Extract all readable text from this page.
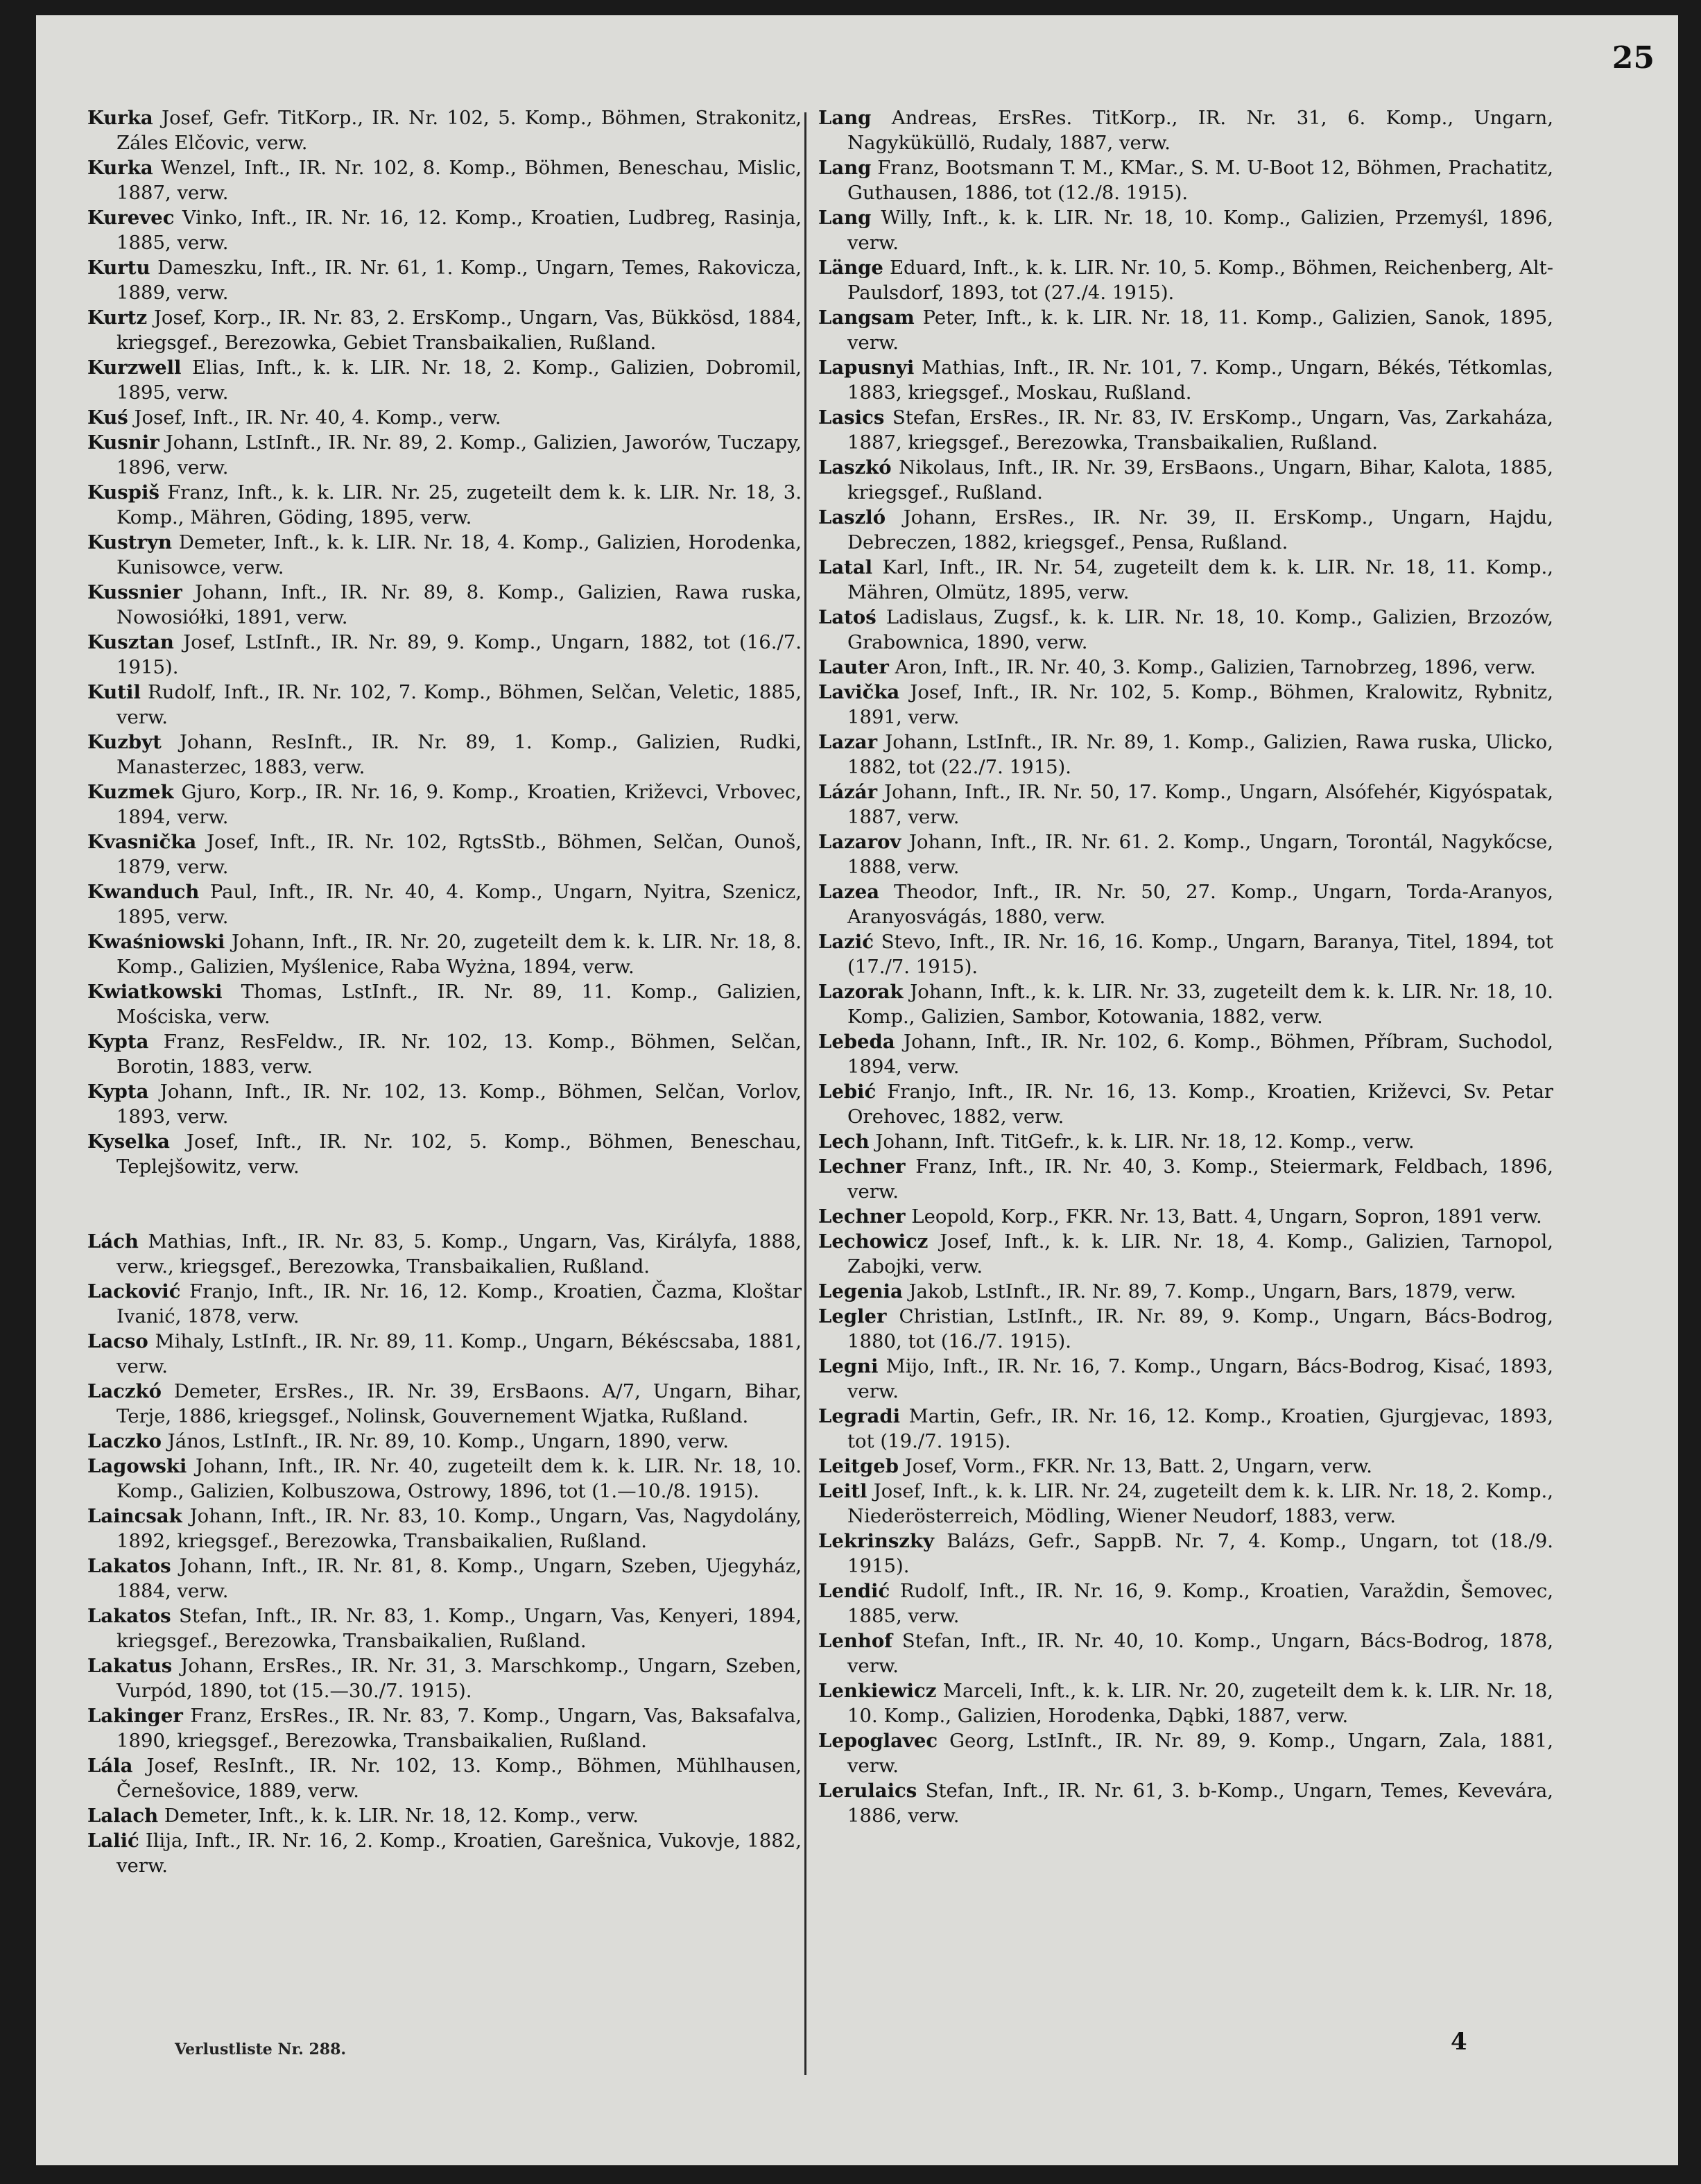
25
Kurka Josef, Gefr. TitKorp., IR. Nr. 102, 5. Komp., Böhmen, Strakonitz, Záles Elčovic, verw.
Kurka Wenzel, Inft., IR. Nr. 102, 8. Komp., Böhmen, Beneschau, Mislic, 1887, verw.
Kurevec Vinko, Inft., IR. Nr. 16, 12. Komp., Kroatien, Ludbreg, Rasinja, 1885, verw.
Kurtu Dameszku, Inft., IR. Nr. 61, 1. Komp., Ungarn, Temes, Rakovicza, 1889, verw.
Kurtz Josef, Korp., IR. Nr. 83, 2. ErsKomp., Ungarn, Vas, Bükkösd, 1884, kriegsgef., Berezowka, Gebiet Transbaikalien, Rußland.
Kurzwell Elias, Inft., k. k. LIR. Nr. 18, 2. Komp., Galizien, Dobromil, 1895, verw.
Kuś Josef, Inft., IR. Nr. 40, 4. Komp., verw.
Kusnir Johann, LstInft., IR. Nr. 89, 2. Komp., Galizien, Jaworów, Tuczapy, 1896, verw.
Kuspiš Franz, Inft., k. k. LIR. Nr. 25, zugeteilt dem k. k. LIR. Nr. 18, 3. Komp., Mähren, Göding, 1895, verw.
Kustryn Demeter, Inft., k. k. LIR. Nr. 18, 4. Komp., Galizien, Horodenka, Kunisowce, verw.
Kussnier Johann, Inft., IR. Nr. 89, 8. Komp., Galizien, Rawa ruska, Nowosiółki, 1891, verw.
Kusztan Josef, LstInft., IR. Nr. 89, 9. Komp., Ungarn, 1882, tot (16./7. 1915).
Kutil Rudolf, Inft., IR. Nr. 102, 7. Komp., Böhmen, Selčan, Veletic, 1885, verw.
Kuzbyt Johann, ResInft., IR. Nr. 89, 1. Komp., Galizien, Rudki, Manasterzec, 1883, verw.
Kuzmek Gjuro, Korp., IR. Nr. 16, 9. Komp., Kroatien, Križevci, Vrbovec, 1894, verw.
Kvasnička Josef, Inft., IR. Nr. 102, RgtsStb., Böhmen, Selčan, Ounoš, 1879, verw.
Kwanduch Paul, Inft., IR. Nr. 40, 4. Komp., Ungarn, Nyitra, Szenicz, 1895, verw.
Kwaśniowski Johann, Inft., IR. Nr. 20, zugeteilt dem k. k. LIR. Nr. 18, 8. Komp., Galizien, Myślenice, Raba Wyżna, 1894, verw.
Kwiatkowski Thomas, LstInft., IR. Nr. 89, 11. Komp., Galizien, Mościska, verw.
Kypta Franz, ResFeldw., IR. Nr. 102, 13. Komp., Böhmen, Selčan, Borotin, 1883, verw.
Kypta Johann, Inft., IR. Nr. 102, 13. Komp., Böhmen, Selčan, Vorlov, 1893, verw.
Kyselka Josef, Inft., IR. Nr. 102, 5. Komp., Böhmen, Beneschau, Teplejšowitz, verw.
Lách Mathias, Inft., IR. Nr. 83, 5. Komp., Ungarn, Vas, Királyfa, 1888, verw., kriegsgef., Berezowka, Transbaikalien, Rußland.
Lacković Franjo, Inft., IR. Nr. 16, 12. Komp., Kroatien, Čazma, Kloštar Ivanić, 1878, verw.
Lacso Mihaly, LstInft., IR. Nr. 89, 11. Komp., Ungarn, Békéscsaba, 1881, verw.
Laczkó Demeter, ErsRes., IR. Nr. 39, ErsBaons. A/7, Ungarn, Bihar, Terje, 1886, kriegsgef., Nolinsk, Gouvernement Wjatka, Rußland.
Laczko János, LstInft., IR. Nr. 89, 10. Komp., Ungarn, 1890, verw.
Lagowski Johann, Inft., IR. Nr. 40, zugeteilt dem k. k. LIR. Nr. 18, 10. Komp., Galizien, Kolbuszowa, Ostrowy, 1896, tot (1.—10./8. 1915).
Laincsak Johann, Inft., IR. Nr. 83, 10. Komp., Ungarn, Vas, Nagydolány, 1892, kriegsgef., Berezowka, Transbaikalien, Rußland.
Lakatos Johann, Inft., IR. Nr. 81, 8. Komp., Ungarn, Szeben, Ujegyház, 1884, verw.
Lakatos Stefan, Inft., IR. Nr. 83, 1. Komp., Ungarn, Vas, Kenyeri, 1894, kriegsgef., Berezowka, Transbaikalien, Rußland.
Lakatus Johann, ErsRes., IR. Nr. 31, 3. Marschkomp., Ungarn, Szeben, Vurpód, 1890, tot (15.—30./7. 1915).
Lakinger Franz, ErsRes., IR. Nr. 83, 7. Komp., Ungarn, Vas, Baksafalva, 1890, kriegsgef., Berezowka, Transbaikalien, Rußland.
Lála Josef, ResInft., IR. Nr. 102, 13. Komp., Böhmen, Mühlhausen, Černešovice, 1889, verw.
Lalach Demeter, Inft., k. k. LIR. Nr. 18, 12. Komp., verw.
Lalić Ilija, Inft., IR. Nr. 16, 2. Komp., Kroatien, Garešnica, Vukovje, 1882, verw.
Lang Andreas, ErsRes. TitKorp., IR. Nr. 31, 6. Komp., Ungarn, Nagyküküllö, Rudaly, 1887, verw.
Lang Franz, Bootsmann T. M., KMar., S. M. U-Boot 12, Böhmen, Prachatitz, Guthausen, 1886, tot (12./8. 1915).
Lang Willy, Inft., k. k. LIR. Nr. 18, 10. Komp., Galizien, Przemyśl, 1896, verw.
Länge Eduard, Inft., k. k. LIR. Nr. 10, 5. Komp., Böhmen, Reichenberg, Alt-Paulsdorf, 1893, tot (27./4. 1915).
Langsam Peter, Inft., k. k. LIR. Nr. 18, 11. Komp., Galizien, Sanok, 1895, verw.
Lapusnyi Mathias, Inft., IR. Nr. 101, 7. Komp., Ungarn, Békés, Tétkomlas, 1883, kriegsgef., Moskau, Rußland.
Lasics Stefan, ErsRes., IR. Nr. 83, IV. ErsKomp., Ungarn, Vas, Zarkaháza, 1887, kriegsgef., Berezowka, Transbaikalien, Rußland.
Laszkó Nikolaus, Inft., IR. Nr. 39, ErsBaons., Ungarn, Bihar, Kalota, 1885, kriegsgef., Rußland.
Laszló Johann, ErsRes., IR. Nr. 39, II. ErsKomp., Ungarn, Hajdu, Debreczen, 1882, kriegsgef., Pensa, Rußland.
Latal Karl, Inft., IR. Nr. 54, zugeteilt dem k. k. LIR. Nr. 18, 11. Komp., Mähren, Olmütz, 1895, verw.
Latoś Ladislaus, Zugsf., k. k. LIR. Nr. 18, 10. Komp., Galizien, Brzozów, Grabownica, 1890, verw.
Lauter Aron, Inft., IR. Nr. 40, 3. Komp., Galizien, Tarnobrzeg, 1896, verw.
Lavička Josef, Inft., IR. Nr. 102, 5. Komp., Böhmen, Kralowitz, Rybnitz, 1891, verw.
Lazar Johann, LstInft., IR. Nr. 89, 1. Komp., Galizien, Rawa ruska, Ulicko, 1882, tot (22./7. 1915).
Lázár Johann, Inft., IR. Nr. 50, 17. Komp., Ungarn, Alsófehér, Kigyóspatak, 1887, verw.
Lazarov Johann, Inft., IR. Nr. 61. 2. Komp., Ungarn, Torontál, Nagykőcse, 1888, verw.
Lazea Theodor, Inft., IR. Nr. 50, 27. Komp., Ungarn, Torda-Aranyos, Aranyosvágás, 1880, verw.
Lazić Stevo, Inft., IR. Nr. 16, 16. Komp., Ungarn, Baranya, Titel, 1894, tot (17./7. 1915).
Lazorak Johann, Inft., k. k. LIR. Nr. 33, zugeteilt dem k. k. LIR. Nr. 18, 10. Komp., Galizien, Sambor, Kotowania, 1882, verw.
Lebeda Johann, Inft., IR. Nr. 102, 6. Komp., Böhmen, Příbram, Suchodol, 1894, verw.
Lebić Franjo, Inft., IR. Nr. 16, 13. Komp., Kroatien, Križevci, Sv. Petar Orehovec, 1882, verw.
Lech Johann, Inft. TitGefr., k. k. LIR. Nr. 18, 12. Komp., verw.
Lechner Franz, Inft., IR. Nr. 40, 3. Komp., Steiermark, Feldbach, 1896, verw.
Lechner Leopold, Korp., FKR. Nr. 13, Batt. 4, Ungarn, Sopron, 1891 verw.
Lechowicz Josef, Inft., k. k. LIR. Nr. 18, 4. Komp., Galizien, Tarnopol, Zabojki, verw.
Legenia Jakob, LstInft., IR. Nr. 89, 7. Komp., Ungarn, Bars, 1879, verw.
Legler Christian, LstInft., IR. Nr. 89, 9. Komp., Ungarn, Bács-Bodrog, 1880, tot (16./7. 1915).
Legni Mijo, Inft., IR. Nr. 16, 7. Komp., Ungarn, Bács-Bodrog, Kisać, 1893, verw.
Legradi Martin, Gefr., IR. Nr. 16, 12. Komp., Kroatien, Gjurgjevac, 1893, tot (19./7. 1915).
Leitgeb Josef, Vorm., FKR. Nr. 13, Batt. 2, Ungarn, verw.
Leitl Josef, Inft., k. k. LIR. Nr. 24, zugeteilt dem k. k. LIR. Nr. 18, 2. Komp., Niederösterreich, Mödling, Wiener Neudorf, 1883, verw.
Lekrinszky Balázs, Gefr., SappB. Nr. 7, 4. Komp., Ungarn, tot (18./9. 1915).
Lendić Rudolf, Inft., IR. Nr. 16, 9. Komp., Kroatien, Varaždin, Šemovec, 1885, verw.
Lenhof Stefan, Inft., IR. Nr. 40, 10. Komp., Ungarn, Bács-Bodrog, 1878, verw.
Lenkiewicz Marceli, Inft., k. k. LIR. Nr. 20, zugeteilt dem k. k. LIR. Nr. 18, 10. Komp., Galizien, Horodenka, Dąbki, 1887, verw.
Lepoglavec Georg, LstInft., IR. Nr. 89, 9. Komp., Ungarn, Zala, 1881, verw.
Lerulaics Stefan, Inft., IR. Nr. 61, 3. b-Komp., Ungarn, Temes, Kevevára, 1886, verw.
Verlustliste Nr. 288.	4
